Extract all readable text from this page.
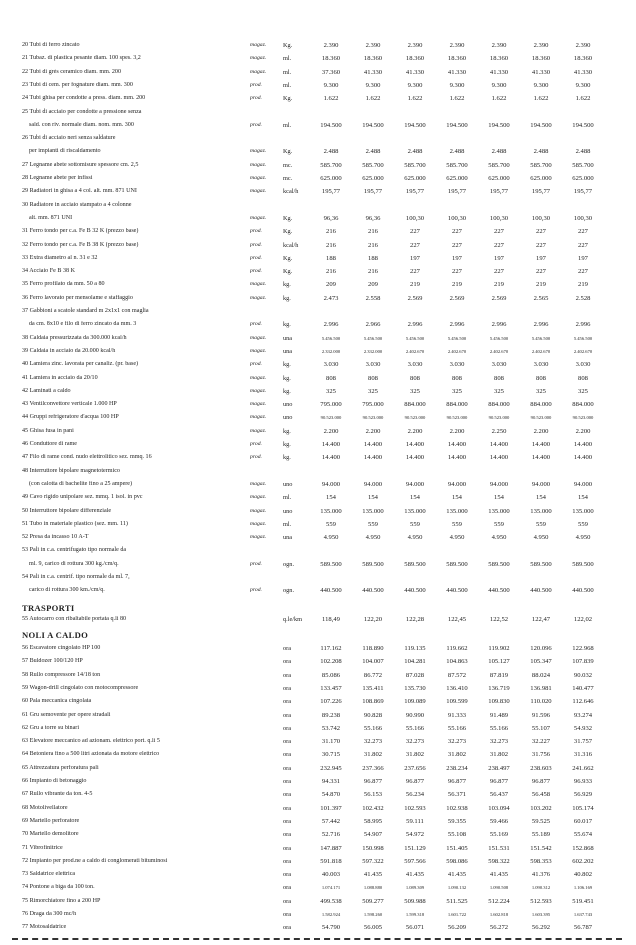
20 Tubi di ferro zincato	magaz.	Kg.	2.390	2.390	2.390	2.390	2.390	2.390	2.390
21 Tubaz. di plastica pesante diam. 100 spes. 3,2	magaz.	ml.	18.360	18.360	18.360	18.360	18.360	18.360	18.360
22 Tubi di grès ceramico diam. mm. 200	magaz.	ml.	37.360	41.330	41.330	41.330	41.330	41.330	41.330
23 Tubi di cem. per fognature diam. mm. 300	prod.	ml.	9.300	9.300	9.300	9.300	9.300	9.300	9.300
24 Tubi ghisa per condotte a press. diam. mm. 200	prod.	Kg.	1.622	1.622	1.622	1.622	1.622	1.622	1.622
25 Tubi di acciaio per condotte a pressione senza
sald. con riv. normale diam. nom. mm. 300	prod.	ml.	194.500	194.500	194.500	194.500	194.500	194.500	194.500
26 Tubi di acciaio neri senza saldature
per impianti di riscaldamento	magaz.	Kg.	2.488	2.488	2.488	2.488	2.488	2.488	2.488
27 Legname abete sottomisure spessore cm. 2,5	magaz.	mc.	585.700	585.700	585.700	585.700	585.700	585.700	585.700
28 Legname abete per infissi	magaz.	mc.	625.000	625.000	625.000	625.000	625.000	625.000	625.000
29 Radiatori in ghisa a 4 col. alt. mm. 871 UNI	magaz.	kcal/h	195,77	195,77	195,77	195,77	195,77	195,77	195,77
30 Radiatore in acciaio stampato a 4 colonne
alt. mm. 871 UNI	magaz.	Kg.	96,36	96,36	100,30	100,30	100,30	100,30	100,30
31 Ferro tondo per c.a. Fe B 32 K (prezzo base)	prod.	Kg.	216	216	227	227	227	227	227
32 Ferro tondo per c.a. Fe B 38 K (prezzo base)	prod.	kcal/h	216	216	227	227	227	227	227
33 Extra diametro al n. 31 e 32	prod.	Kg.	188	188	197	197	197	197	197
34 Acciaio Fe B 38 K	prod.	Kg.	216	216	227	227	227	227	227
35 Ferro profilato da mm. 50 a 80	magaz.	kg.	209	209	219	219	219	219	219
36 Ferro lavorato per mensolame e staffaggio	magaz.	kg.	2.473	2.558	2.569	2.569	2.569	2.565	2.528
37 Gabbioni a scatole standard m 2x1x1 con maglia
da cm. 8x10 e filo di ferro zincato da mm. 3	prod.	kg.	2.996	2.966	2.996	2.996	2.996	2.996	2.996
38 Caldaia pressurizzata da 300.000 kcal/h	magaz.	una	5.456.500	5.456.500	5.456.500	5.456.500	5.456.500	5.456.500	5.456.500
39 Caldaia in acciaio da 20.000 kcal/h	magaz.	una	2.332.000	2.332.000	2.402.670	2.402.670	2.402.670	2.402.670	2.402.670
40 Lamiera zinc. lavorata per canaliz. (pr. base)	prod.	kg.	3.030	3.030	3.030	3.030	3.030	3.030	3.030
41 Lamiera in acciaio da 20/10	magaz.	kg.	808	808	808	808	808	808	808
42 Laminati a caldo	magaz.	kg.	325	325	325	325	325	325	325
43 Ventilconvettore verticale 1.000 HP	magaz.	uno	795.000	795.000	884.000	884.000	884.000	884.000	884.000
44 Gruppi refrigeratore d'acqua 100 HP	magaz.	uno	90.523.000	90.523.000	90.523.000	90.523.000	90.523.000	90.523.000	90.523.000
45 Ghisa fusa in pani	magaz.	kg.	2.200	2.200	2.200	2.200	2.250	2.200	2.200
46 Conduttore di rame	prod.	kg.	14.400	14.400	14.400	14.400	14.400	14.400	14.400
47 Filo di rame cond. nudo elettrolitico sez. mmq. 16	prod.	kg.	14.400	14.400	14.400	14.400	14.400	14.400	14.400
48 Interruttore bipolare magnetotermico
(con calotta di bachelite fino a 25 ampere)	magaz.	uno	94.000	94.000	94.000	94.000	94.000	94.000	94.000
49 Cavo rigido unipolare sez. mmq. 1 isol. in pvc	magaz.	ml.	154	154	154	154	154	154	154
50 Interruttore bipolare differenziale	magaz.	uno	135.000	135.000	135.000	135.000	135.000	135.000	135.000
51 Tubo in materiale plastico (sez. mm. 11)	magaz.	ml.	559	559	559	559	559	559	559
52 Presa da incasso 10 A-T	magaz.	una	4.950	4.950	4.950	4.950	4.950	4.950	4.950
53 Pali in c.a. centrifugato tipo normale da
ml. 9, carico di rottura 300 kg./cm/q.	prod.	ogn.	589.500	589.500	589.500	589.500	589.500	589.500	589.500
54 Pali in c.a. centrif. tipo normale da ml. 7,
carico di rottura 300 km./cm/q.	prod.	ogn.	440.500	440.500	440.500	440.500	440.500	440.500	440.500
TRASPORTI
55 Autocarro con ribaltabile portata q.li 80	q.le/km	118,49	122,20	122,28	122,45	122,52	122,47	122,02
NOLI A CALDO
56 Escavatore cingolato HP 100	ora	117.162	118.890	119.135	119.662	119.902	120.096	122.968
57 Buldozer 100/120 HP	ora	102.208	104.007	104.281	104.863	105.127	105.347	107.839
58 Rullo compressore 14/18 ton	ora	85.086	86.772	87.028	87.572	87.819	88.024	90.032
59 Wagon-drill cingolato con motocompressore	ora	133.457	135.411	135.730	136.410	136.719	136.981	140.477
60 Pala meccanica cingolata	ora	107.226	108.869	109.089	109.599	109.830	110.020	112.646
61 Gru semovente per opere stradali	ora	89.238	90.828	90.990	91.333	91.489	91.596	93.274
62 Gru a torre su binari	ora	53.742	55.166	55.166	55.166	55.166	55.107	54.932
63 Elevatore meccanico ad azionam. elettrico port. q.li 5	ora	31.170	32.273	32.273	32.273	32.273	32.227	31.757
64 Betoniera fino a 500 litri azionata da motore elettrico	ora	30.715	31.802	31.802	31.802	31.802	31.756	31.316
65 Attrezzatura perforatura pali	ora	232.945	237.366	237.656	238.234	238.497	238.603	241.662
66 Impianto di betonaggio	ora	94.331	96.877	96.877	96.877	96.877	96.877	96.933
67 Rullo vibrante da ton. 4-5	ora	54.870	56.153	56.234	56.371	56.437	56.458	56.929
68 Motolivellatore	ora	101.397	102.432	102.593	102.938	103.094	103.202	105.174
69 Martello perforatore	ora	57.442	58.995	59.111	59.355	59.466	59.525	60.017
70 Martello demolitore	ora	52.716	54.907	54.972	55.108	55.169	55.189	55.674
71 Vibrofinitrice	ora	147.887	150.998	151.129	151.405	151.531	151.542	152.868
72 Impianto per prod.ne a caldo di conglomerati bituminosi	ora	591.818	597.322	597.566	598.086	598.322	598.353	602.202
73 Saldatrice elettrica	ora	40.003	41.435	41.435	41.435	41.435	41.376	40.802
74 Pontone a biga da 100 ton.	ora	1.074.171	1.088.880	1.089.309	1.090.132	1.090.508	1.090.312	1.106.169
75 Rimorchiatore fino a 200 HP	ora	499.538	509.277	509.988	511.525	512.224	512.593	519.451
76 Draga da 300 mc/h	ora	1.582.924	1.598.260	1.599.318	1.601.722	1.602.818	1.603.395	1.637.743
77 Motosaldatrice	ora	54.790	56.005	56.071	56.209	56.272	56.292	56.787
